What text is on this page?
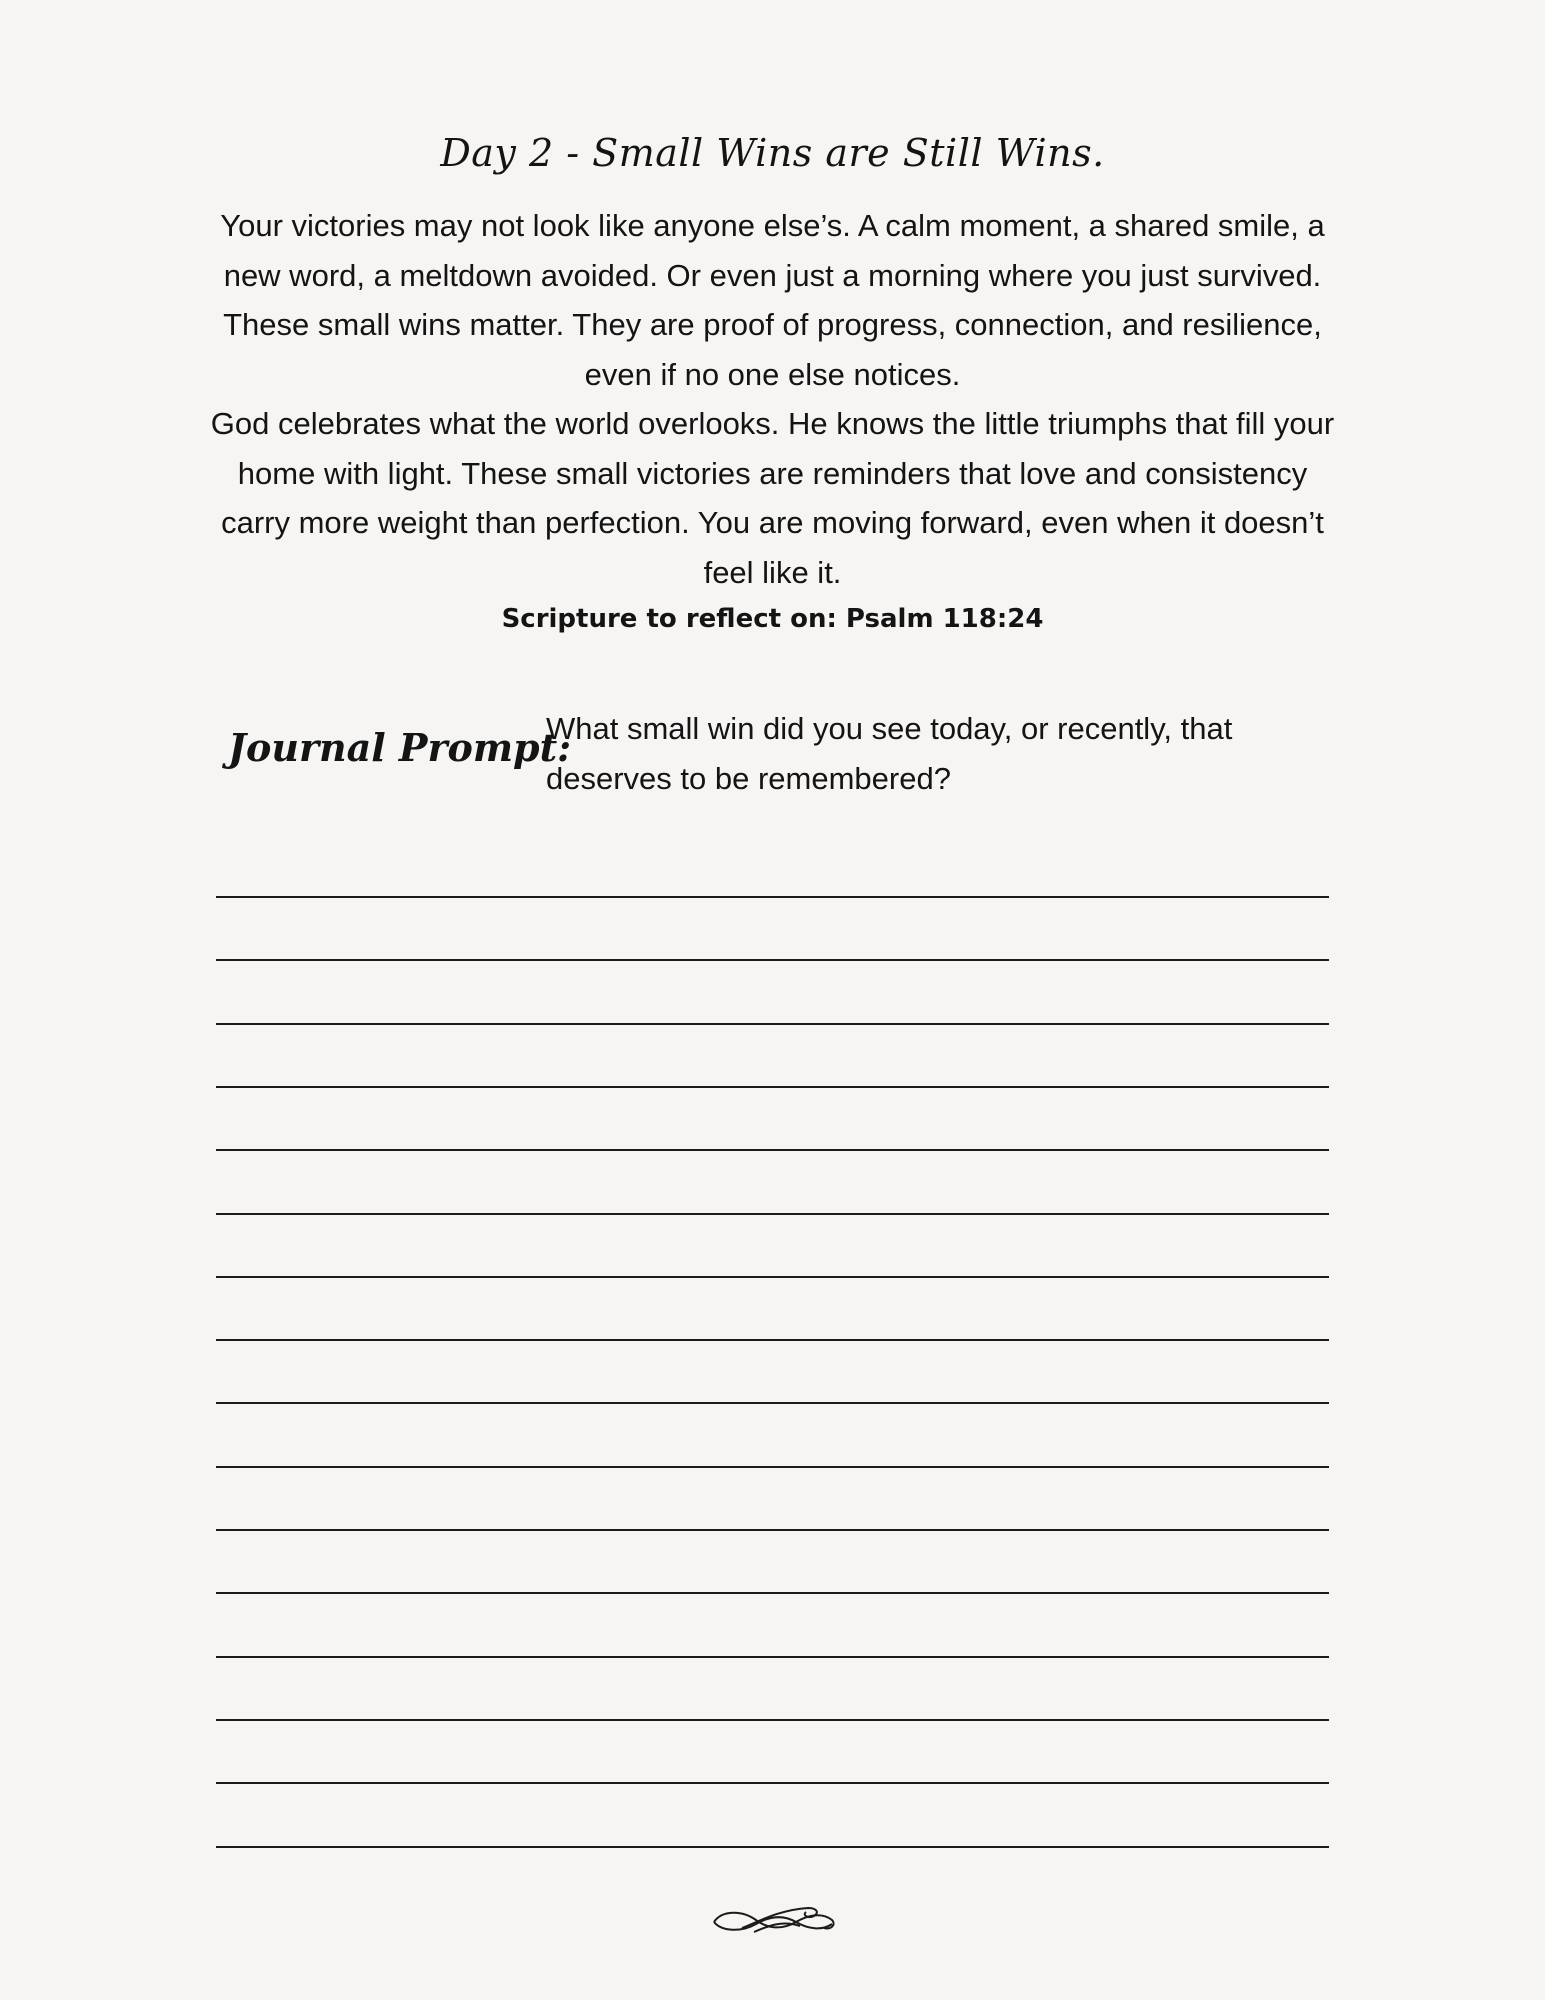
Day 2 - Small Wins are Still Wins.

Your victories may not look like anyone else’s. A calm moment, a shared smile, a new word, a meltdown avoided. Or even just a morning where you just survived. These small wins matter. They are proof of progress, connection, and resilience, even if no one else notices.

God celebrates what the world overlooks. He knows the little triumphs that fill your home with light. These small victories are reminders that love and consistency carry more weight than perfection. You are moving forward, even when it doesn’t feel like it.

Scripture to reflect on: Psalm 118:24

Journal Prompt:
What small win did you see today, or recently, that deserves to be remembered?
